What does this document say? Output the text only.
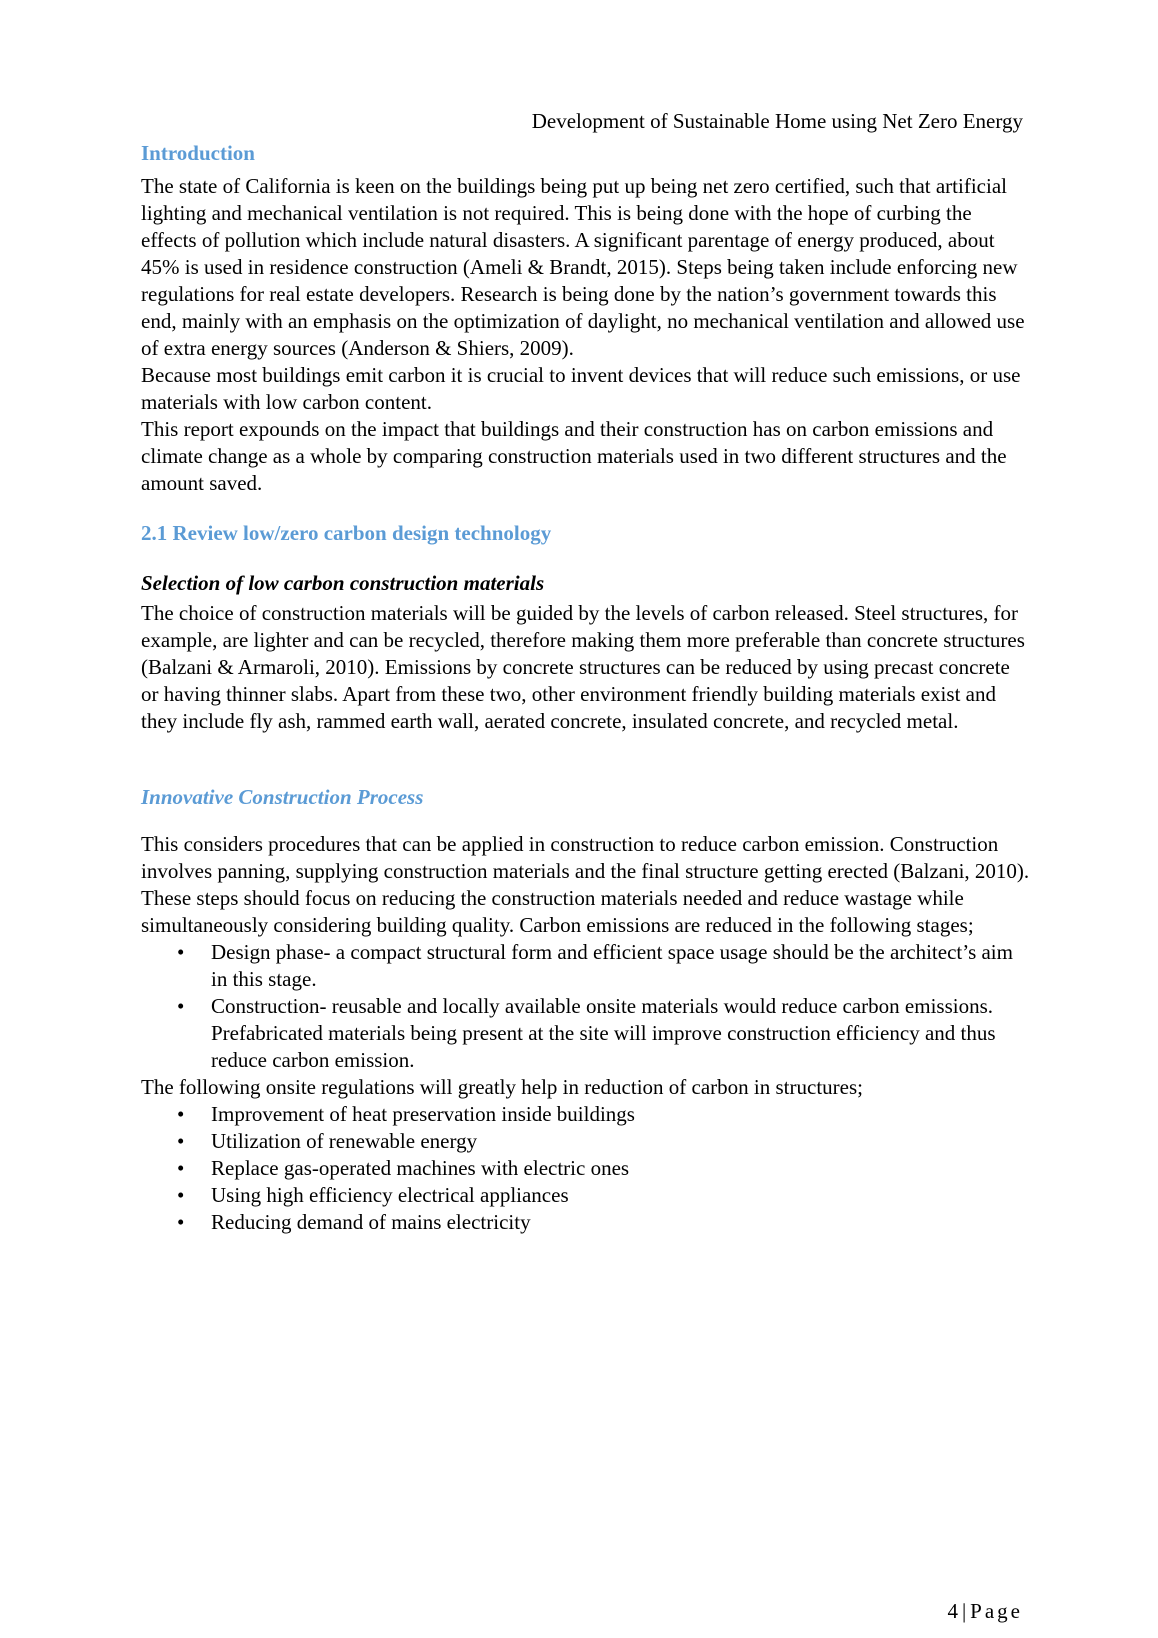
Development of Sustainable Home using Net Zero Energy
Introduction

The state of California is keen on the buildings being put up being net zero certified, such that artificial lighting and mechanical ventilation is not required. This is being done with the hope of curbing the effects of pollution which include natural disasters. A significant parentage of energy produced, about 45% is used in residence construction (Ameli & Brandt, 2015). Steps being taken include enforcing new regulations for real estate developers. Research is being done by the nation’s government towards this end, mainly with an emphasis on the optimization of daylight, no mechanical ventilation and allowed use of extra energy sources (Anderson & Shiers, 2009).

Because most buildings emit carbon it is crucial to invent devices that will reduce such emissions, or use materials with low carbon content.

This report expounds on the impact that buildings and their construction has on carbon emissions and climate change as a whole by comparing construction materials used in two different structures and the amount saved.

2.1 Review low/zero carbon design technology
Selection of low carbon construction materials

The choice of construction materials will be guided by the levels of carbon released. Steel structures, for example, are lighter and can be recycled, therefore making them more preferable than concrete structures (Balzani & Armaroli, 2010). Emissions by concrete structures can be reduced by using precast concrete or having thinner slabs. Apart from these two, other environment friendly building materials exist and they include fly ash, rammed earth wall, aerated concrete, insulated concrete, and recycled metal.

Innovative Construction Process

This considers procedures that can be applied in construction to reduce carbon emission. Construction involves panning, supplying construction materials and the final structure getting erected (Balzani, 2010). These steps should focus on reducing the construction materials needed and reduce wastage while simultaneously considering building quality. Carbon emissions are reduced in the following stages;

• Design phase- a compact structural form and efficient space usage should be the architect’s aim in this stage.
• Construction- reusable and locally available onsite materials would reduce carbon emissions. Prefabricated materials being present at the site will improve construction efficiency and thus reduce carbon emission.

The following onsite regulations will greatly help in reduction of carbon in structures;

• Improvement of heat preservation inside buildings
• Utilization of renewable energy
• Replace gas-operated machines with electric ones
• Using high efficiency electrical appliances
• Reducing demand of mains electricity
4 | Page
